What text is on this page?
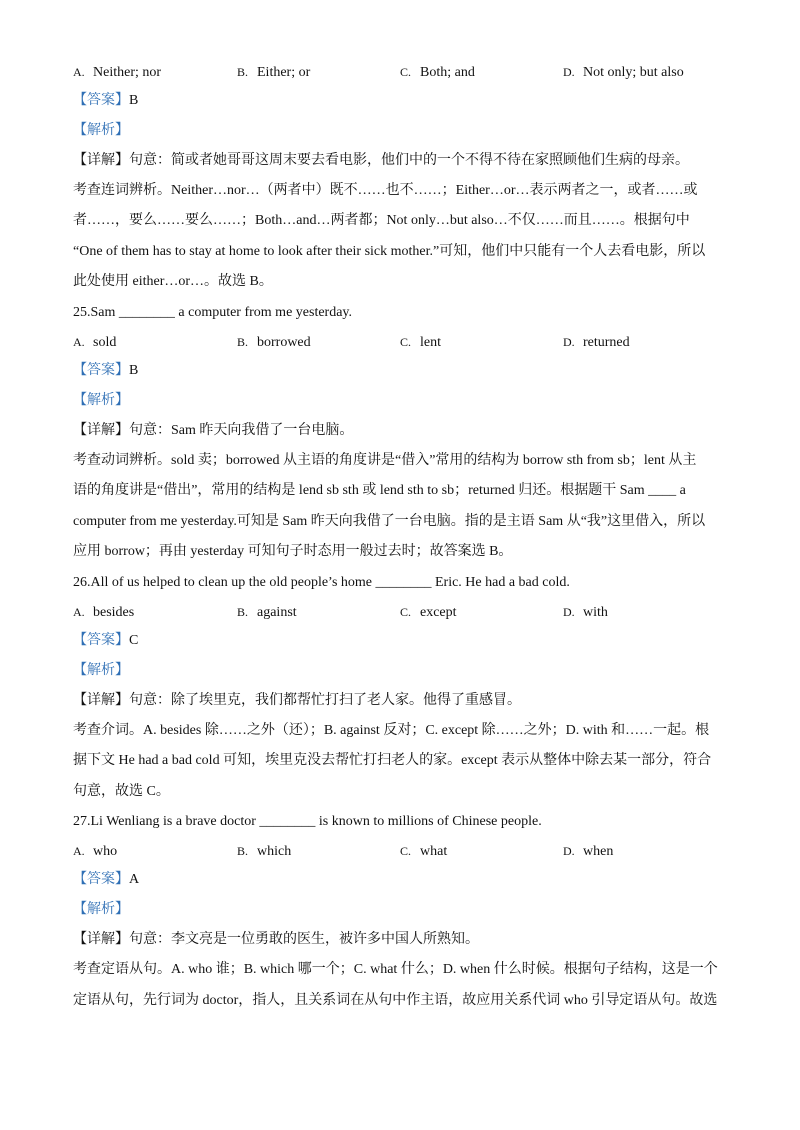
A. Neither; nor	B. Either; or	C. Both; and	D. Not only; but also
【答案】B
【解析】
【详解】句意：简或者她哥哥这周末要去看电影，他们中的一个不得不待在家照顾他们生病的母亲。
考查连词辨析。Neither…nor…（两者中）既不……也不……；Either…or…表示两者之一，或者……或
者……，要么……要么……；Both…and…两者都；Not only…but also…不仅……而且……。根据句中
“One of them has to stay at home to look after their sick mother.”可知，他们中只能有一个人去看电影，所以
此处使用 either…or…。故选 B。
25.Sam ________ a computer from me yesterday.
A. sold	B. borrowed	C. lent	D. returned
【答案】B
【解析】
【详解】句意：Sam 昨天向我借了一台电脑。
考查动词辨析。sold 卖；borrowed 从主语的角度讲是“借入”常用的结构为 borrow sth from sb；lent 从主
语的角度讲是“借出”，常用的结构是 lend sb sth 或 lend sth to sb；returned 归还。根据题干 Sam ____ a
computer from me yesterday.可知是 Sam 昨天向我借了一台电脑。指的是主语 Sam 从“我”这里借入，所以
应用 borrow；再由 yesterday 可知句子时态用一般过去时；故答案选 B。
26.All of us helped to clean up the old people’s home ________ Eric. He had a bad cold.
A. besides	B. against	C. except	D. with
【答案】C
【解析】
【详解】句意：除了埃里克，我们都帮忙打扫了老人家。他得了重感冒。
考查介词。A. besides 除……之外（还）；B. against 反对；C. except 除……之外；D. with 和……一起。根
据下文 He had a bad cold 可知，埃里克没去帮忙打扫老人的家。except 表示从整体中除去某一部分，符合
句意，故选 C。
27.Li Wenliang is a brave doctor ________ is known to millions of Chinese people.
A. who	B. which	C. what	D. when
【答案】A
【解析】
【详解】句意：李文亮是一位勇敢的医生，被许多中国人所熟知。
考查定语从句。A. who 谁；B. which 哪一个；C. what 什么；D. when 什么时候。根据句子结构，这是一个
定语从句，先行词为 doctor，指人，且关系词在从句中作主语，故应用关系代词 who 引导定语从句。故选
